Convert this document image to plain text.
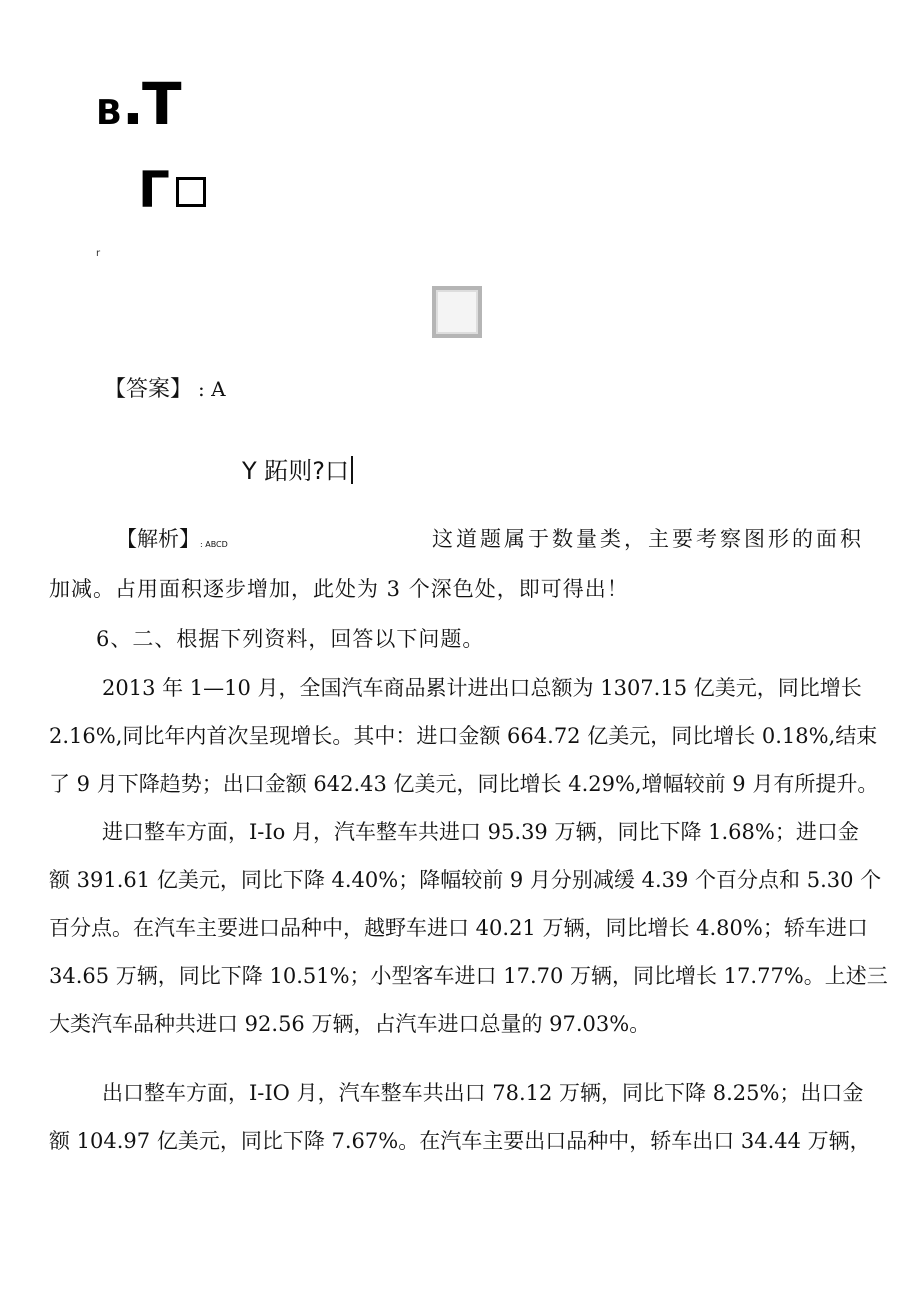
B.T
Γ
r
【答案】 : A
Y 跖则?口
【解析】 : ABCD	这道题属于数量类，主要考察图形的面积
加减。占用面积逐步增加，此处为 3 个深色处，即可得出！
6、二、根据下列资料，回答以下问题。
2013 年 1—10 月，全国汽车商品累计进出口总额为 1307.15 亿美元，同比增长
2.16%,同比年内首次呈现增长。其中：进口金额 664.72 亿美元，同比增长 0.18%,结束
了 9 月下降趋势；出口金额 642.43 亿美元，同比增长 4.29%,增幅较前 9 月有所提升。
进口整车方面，I-Io 月，汽车整车共进口 95.39 万辆，同比下降 1.68%；进口金
额 391.61 亿美元，同比下降 4.40%；降幅较前 9 月分别减缓 4.39 个百分点和 5.30 个
百分点。在汽车主要进口品种中，越野车进口 40.21 万辆，同比增长 4.80%；轿车进口
34.65 万辆，同比下降 10.51%；小型客车进口 17.70 万辆，同比增长 17.77%。上述三
大类汽车品种共进口 92.56 万辆，占汽车进口总量的 97.03%。
出口整车方面，I-IO 月，汽车整车共出口 78.12 万辆，同比下降 8.25%；出口金
额 104.97 亿美元，同比下降 7.67%。在汽车主要出口品种中，轿车出口 34.44 万辆，
